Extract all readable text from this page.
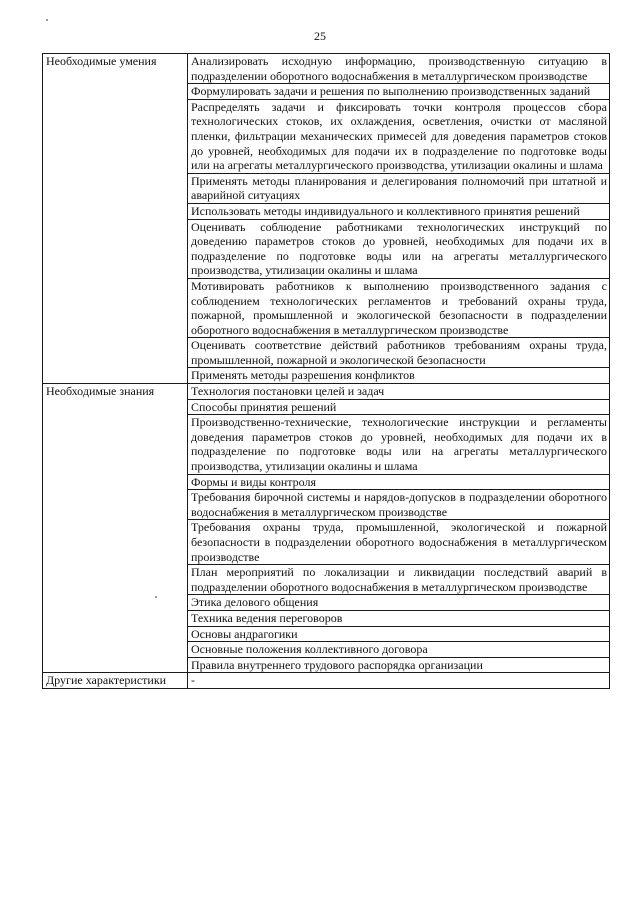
25
Необходимые умения	Анализировать исходную информацию, производственную ситуацию в подразделении оборотного водоснабжения в металлургическом производстве
	Формулировать задачи и решения по выполнению производственных заданий
	Распределять задачи и фиксировать точки контроля процессов сбора технологических стоков, их охлаждения, осветления, очистки от масляной пленки, фильтрации механических примесей для доведения параметров стоков до уровней, необходимых для подачи их в подразделение по подготовке воды или на агрегаты металлургического производства, утилизации окалины и шлама
	Применять методы планирования и делегирования полномочий при штатной и аварийной ситуациях
	Использовать методы индивидуального и коллективного принятия решений
	Оценивать соблюдение работниками технологических инструкций по доведению параметров стоков до уровней, необходимых для подачи их в подразделение по подготовке воды или на агрегаты металлургического производства, утилизации окалины и шлама
	Мотивировать работников к выполнению производственного задания с соблюдением технологических регламентов и требований охраны труда, пожарной, промышленной и экологической безопасности в подразделении оборотного водоснабжения в металлургическом производстве
	Оценивать соответствие действий работников требованиям охраны труда, промышленной, пожарной и экологической безопасности
	Применять методы разрешения конфликтов
Необходимые знания	Технология постановки целей и задач
	Способы принятия решений
	Производственно-технические, технологические инструкции и регламенты доведения параметров стоков до уровней, необходимых для подачи их в подразделение по подготовке воды или на агрегаты металлургического производства, утилизации окалины и шлама
	Формы и виды контроля
	Требования бирочной системы и нарядов-допусков в подразделении оборотного водоснабжения в металлургическом производстве
	Требования охраны труда, промышленной, экологической и пожарной безопасности в подразделении оборотного водоснабжения в металлургическом производстве
	План мероприятий по локализации и ликвидации последствий аварий в подразделении оборотного водоснабжения в металлургическом производстве
	Этика делового общения
	Техника ведения переговоров
	Основы андрагогики
	Основные положения коллективного договора
	Правила внутреннего трудового распорядка организации
Другие характеристики	-
